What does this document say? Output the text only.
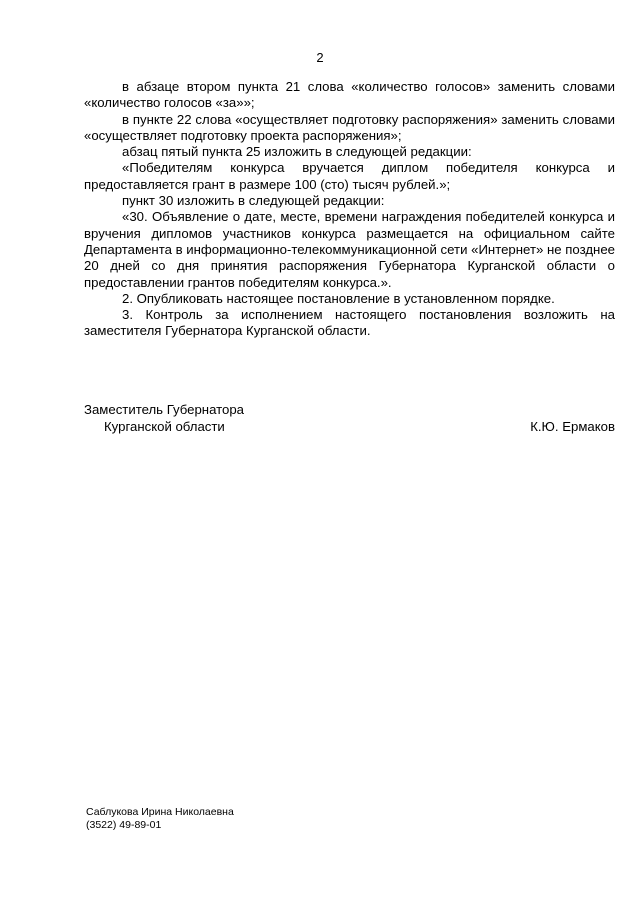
2

в абзаце втором пункта 21 слова «количество голосов» заменить словами «количество голосов «за»»;

в пункте 22 слова «осуществляет подготовку распоряжения» заменить словами «осуществляет подготовку проекта распоряжения»;

абзац пятый пункта 25 изложить в следующей редакции:

«Победителям конкурса вручается диплом победителя конкурса и предоставляется грант в размере 100 (сто) тысяч рублей.»;

пункт 30 изложить в следующей редакции:

«30. Объявление о дате, месте, времени награждения победителей конкурса и вручения дипломов участников конкурса размещается на официальном сайте Департамента в информационно-телекоммуникационной сети «Интернет» не позднее 20 дней со дня принятия распоряжения Губернатора Курганской области о предоставлении грантов победителям конкурса.».

2. Опубликовать настоящее постановление в установленном порядке.

3. Контроль за исполнением настоящего постановления возложить на заместителя Губернатора Курганской области.

Заместитель Губернатора
Курганской области	К.Ю. Ермаков
Саблукова Ирина Николаевна
(3522) 49-89-01
